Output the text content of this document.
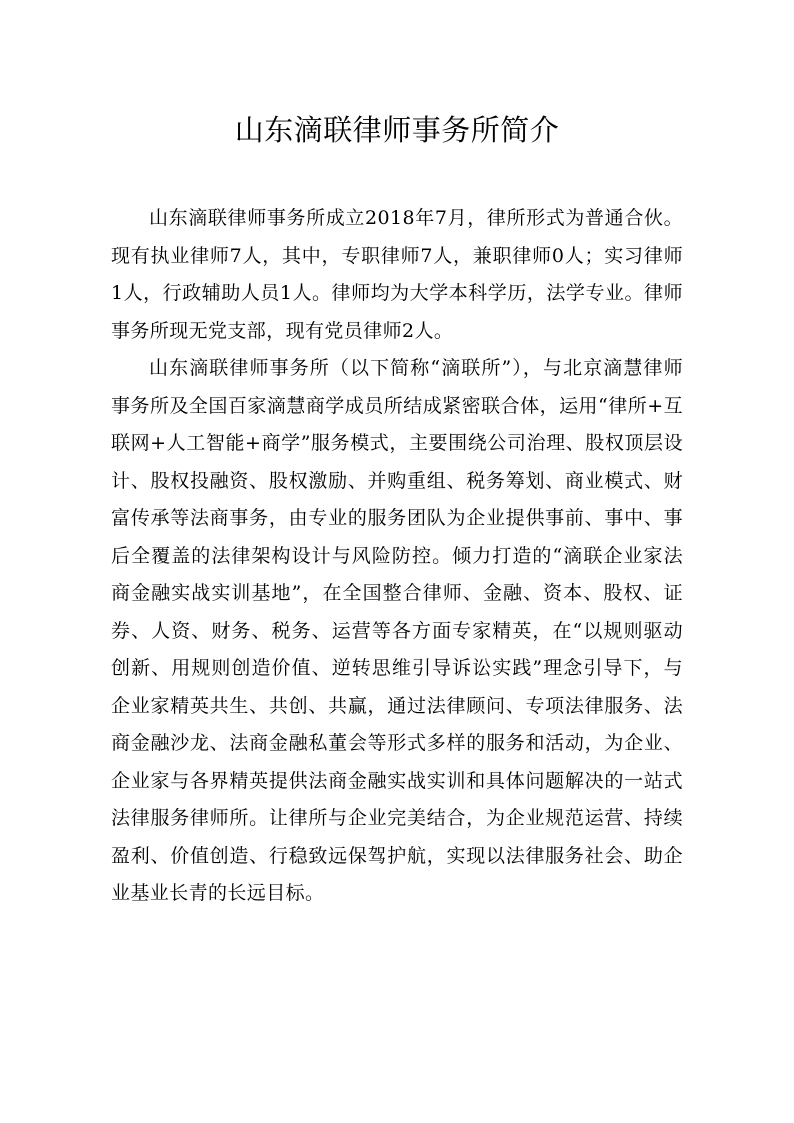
山东滴联律师事务所简介

山东滴联律师事务所成立2018年7月，律所形式为普通合伙。现有执业律师7人，其中，专职律师7人，兼职律师0人；实习律师1人，行政辅助人员1人。律师均为大学本科学历，法学专业。律师事务所现无党支部，现有党员律师2人。

山东滴联律师事务所（以下简称“滴联所”），与北京滴慧律师事务所及全国百家滴慧商学成员所结成紧密联合体，运用“律所+互联网+人工智能+商学”服务模式，主要围绕公司治理、股权顶层设计、股权投融资、股权激励、并购重组、税务筹划、商业模式、财富传承等法商事务，由专业的服务团队为企业提供事前、事中、事后全覆盖的法律架构设计与风险防控。倾力打造的“滴联企业家法商金融实战实训基地”，在全国整合律师、金融、资本、股权、证券、人资、财务、税务、运营等各方面专家精英，在“以规则驱动创新、用规则创造价值、逆转思维引导诉讼实践”理念引导下，与企业家精英共生、共创、共赢，通过法律顾问、专项法律服务、法商金融沙龙、法商金融私董会等形式多样的服务和活动，为企业、企业家与各界精英提供法商金融实战实训和具体问题解决的一站式法律服务律师所。让律所与企业完美结合，为企业规范运营、持续盈利、价值创造、行稳致远保驾护航，实现以法律服务社会、助企业基业长青的长远目标。
